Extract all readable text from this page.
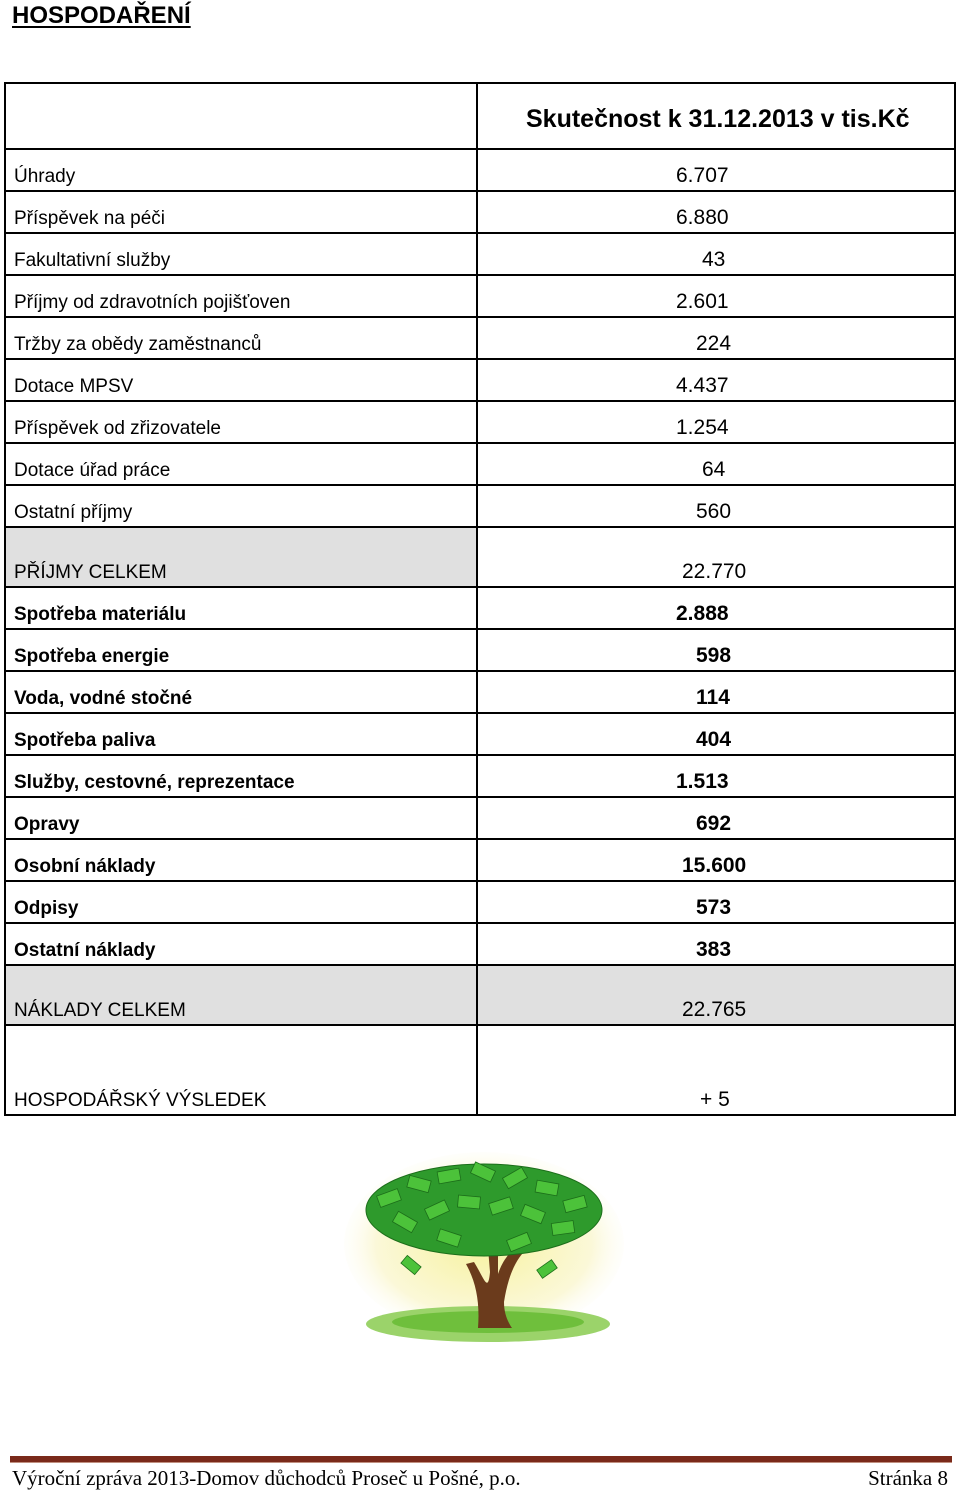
HOSPODAŘENÍ
Skutečnost k 31.12.2013 v tis.Kč
Úhrady	6.707
Příspěvek na péči	6.880
Fakultativní služby	43
Příjmy od zdravotních pojišťoven	2.601
Tržby za obědy zaměstnanců	224
Dotace MPSV	4.437
Příspěvek od zřizovatele	1.254
Dotace úřad práce	64
Ostatní příjmy	560
PŘÍJMY CELKEM	22.770
Spotřeba materiálu	2.888
Spotřeba energie	598
Voda, vodné stočné	114
Spotřeba paliva	404
Služby, cestovné, reprezentace	1.513
Opravy	692
Osobní náklady	15.600
Odpisy	573
Ostatní náklady	383
NÁKLADY CELKEM	22.765
HOSPODÁŘSKÝ VÝSLEDEK	+ 5
Výroční zpráva 2013-Domov důchodců Proseč u Pošné, p.o.	Stránka 8
